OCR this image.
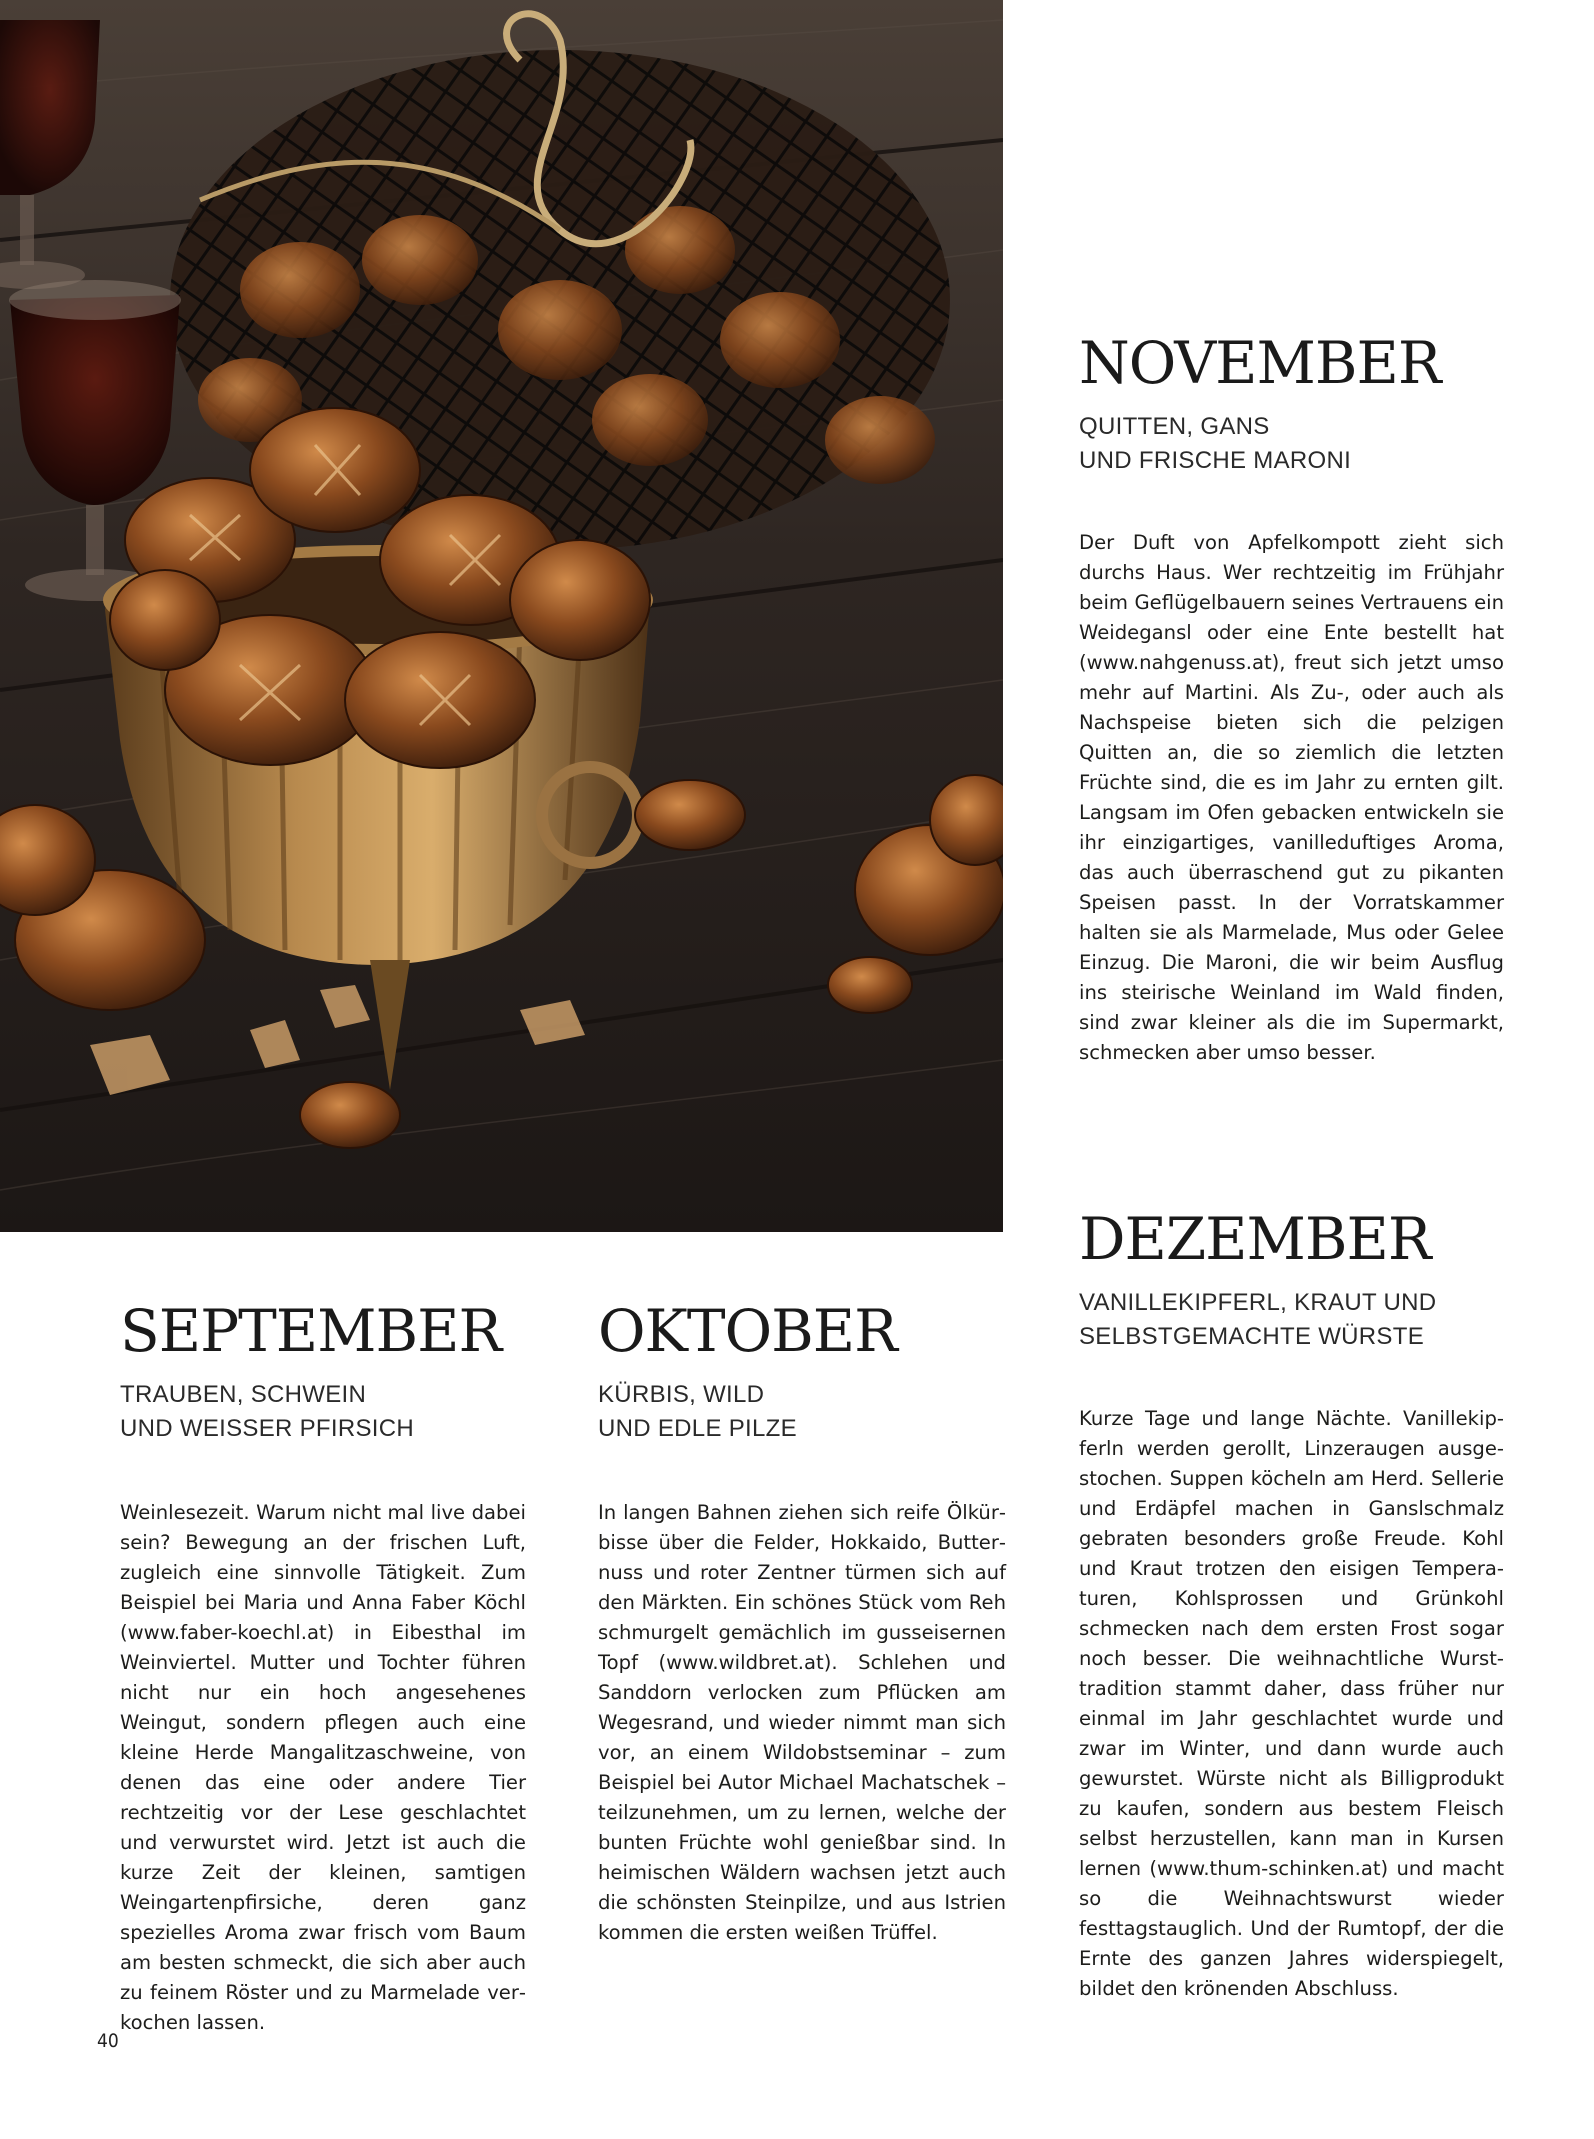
NOVEMBER
QUITTEN, GANS
UND FRISCHE MARONI

Der Duft von Apfelkompott zieht sich durchs Haus. Wer rechtzeitig im Frühjahr beim Geflügelbauern seines Vertrauens ein Weidegansl oder eine Ente bestellt hat (www.nahgenuss.at), freut sich jetzt umso mehr auf Martini. Als Zu-, oder auch als Nachspeise bieten sich die pelzigen Quitten an, die so ziemlich die letzten Früchte sind, die es im Jahr zu ernten gilt. Langsam im Ofen gebacken entwickeln sie ihr einzigartiges, vanilleduftiges Aroma, das auch überraschend gut zu pikanten Speisen passt. In der Vorratskammer halten sie als Marmelade, Mus oder Gelee Einzug. Die Maroni, die wir beim Ausflug ins steirische Weinland im Wald finden, sind zwar kleiner als die im Supermarkt, schmecken aber umso besser.

DEZEMBER
VANILLEKIPFERL, KRAUT UND
SELBSTGEMACHTE WÜRSTE

Kurze Tage und lange Nächte. Vanillekipferln werden gerollt, Linzeraugen ausgestochen. Suppen köcheln am Herd. Sellerie und Erdäpfel machen in Ganslschmalz gebraten besonders große Freude. Kohl und Kraut trotzen den eisigen Temperaturen, Kohlsprossen und Grünkohl schmecken nach dem ersten Frost sogar noch besser. Die weihnachtliche Wursttradition stammt daher, dass früher nur einmal im Jahr geschlachtet wurde und zwar im Winter, und dann wurde auch gewurstet. Würste nicht als Billigprodukt zu kaufen, sondern aus bestem Fleisch selbst herzustellen, kann man in Kursen lernen (www.thum-schinken.at) und macht so die Weihnachtswurst wieder festtagstauglich. Und der Rumtopf, der die Ernte des ganzen Jahres widerspiegelt, bildet den krönenden Abschluss.

SEPTEMBER
TRAUBEN, SCHWEIN
UND WEISSER PFIRSICH

Weinlesezeit. Warum nicht mal live dabei sein? Bewegung an der frischen Luft, zugleich eine sinnvolle Tätigkeit. Zum Beispiel bei Maria und Anna Faber Köchl (www.faber-koechl.at) in Eibesthal im Weinviertel. Mutter und Tochter führen nicht nur ein hoch angesehenes Weingut, sondern pflegen auch eine kleine Herde Mangalitzaschweine, von denen das eine oder andere Tier rechtzeitig vor der Lese geschlachtet und verwurstet wird. Jetzt ist auch die kurze Zeit der kleinen, samtigen Weingartenpfirsiche, deren ganz spezielles Aroma zwar frisch vom Baum am besten schmeckt, die sich aber auch zu feinem Röster und zu Marmelade verkochen lassen.

OKTOBER
KÜRBIS, WILD
UND EDLE PILZE

In langen Bahnen ziehen sich reife Ölkürbisse über die Felder, Hokkaido, Butternuss und roter Zentner türmen sich auf den Märkten. Ein schönes Stück vom Reh schmurgelt gemächlich im gusseisernen Topf (www.wildbret.at). Schlehen und Sanddorn verlocken zum Pflücken am Wegesrand, und wieder nimmt man sich vor, an einem Wildobstseminar – zum Beispiel bei Autor Michael Machatschek – teilzunehmen, um zu lernen, welche der bunten Früchte wohl genießbar sind. In heimischen Wäldern wachsen jetzt auch die schönsten Steinpilze, und aus Istrien kommen die ersten weißen Trüffel.

40
